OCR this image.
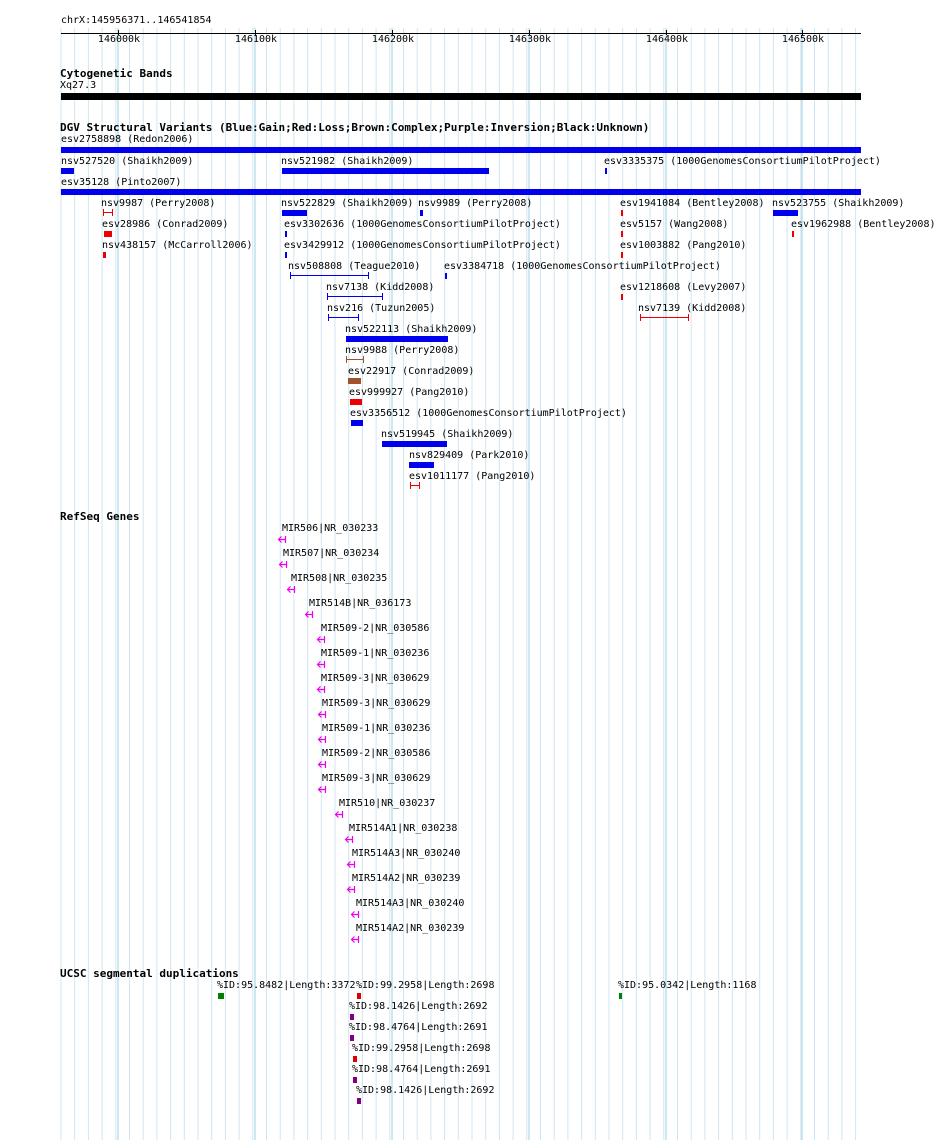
chrX:145956371..146541854
146000k	146100k	146200k	146300k	146400k	146500k
Cytogenetic Bands
Xq27.3
DGV Structural Variants (Blue:Gain;Red:Loss;Brown:Complex;Purple:Inversion;Black:Unknown)
esv2758898 (Redon2006)
nsv527520 (Shaikh2009)	nsv521982 (Shaikh2009)	esv3335375 (1000GenomesConsortiumPilotProject)
esv35128 (Pinto2007)
nsv9987 (Perry2008)	nsv522829 (Shaikh2009) nsv9989 (Perry2008)	esv1941084 (Bentley2008) nsv523755 (Shaikh2009)
esv28986 (Conrad2009)	esv3302636 (1000GenomesConsortiumPilotProject)	esv5157 (Wang2008)	esv1962988 (Bentley2008)
nsv438157 (McCarroll2006)	esv3429912 (1000GenomesConsortiumPilotProject)	esv1003882 (Pang2010)
nsv508808 (Teague2010) esv3384718 (1000GenomesConsortiumPilotProject)
nsv7138 (Kidd2008)	esv1218608 (Levy2007)
nsv216 (Tuzun2005)	nsv7139 (Kidd2008)
nsv522113 (Shaikh2009)
nsv9988 (Perry2008)
esv22917 (Conrad2009)
esv999927 (Pang2010)
esv3356512 (1000GenomesConsortiumPilotProject)
nsv519945 (Shaikh2009)
nsv829409 (Park2010)
esv1011177 (Pang2010)
RefSeq Genes
MIR506|NR_030233
MIR507|NR_030234
MIR508|NR_030235
MIR514B|NR_036173
MIR509-2|NR_030586
MIR509-1|NR_030236
MIR509-3|NR_030629
MIR509-3|NR_030629
MIR509-1|NR_030236
MIR509-2|NR_030586
MIR509-3|NR_030629
MIR510|NR_030237
MIR514A1|NR_030238
MIR514A3|NR_030240
MIR514A2|NR_030239
MIR514A3|NR_030240
MIR514A2|NR_030239
UCSC segmental duplications
%ID:95.8482|Length:3372 %ID:99.2958|Length:2698	%ID:95.0342|Length:1168
%ID:98.1426|Length:2692
%ID:98.4764|Length:2691
%ID:99.2958|Length:2698
%ID:98.4764|Length:2691
%ID:98.1426|Length:2692
